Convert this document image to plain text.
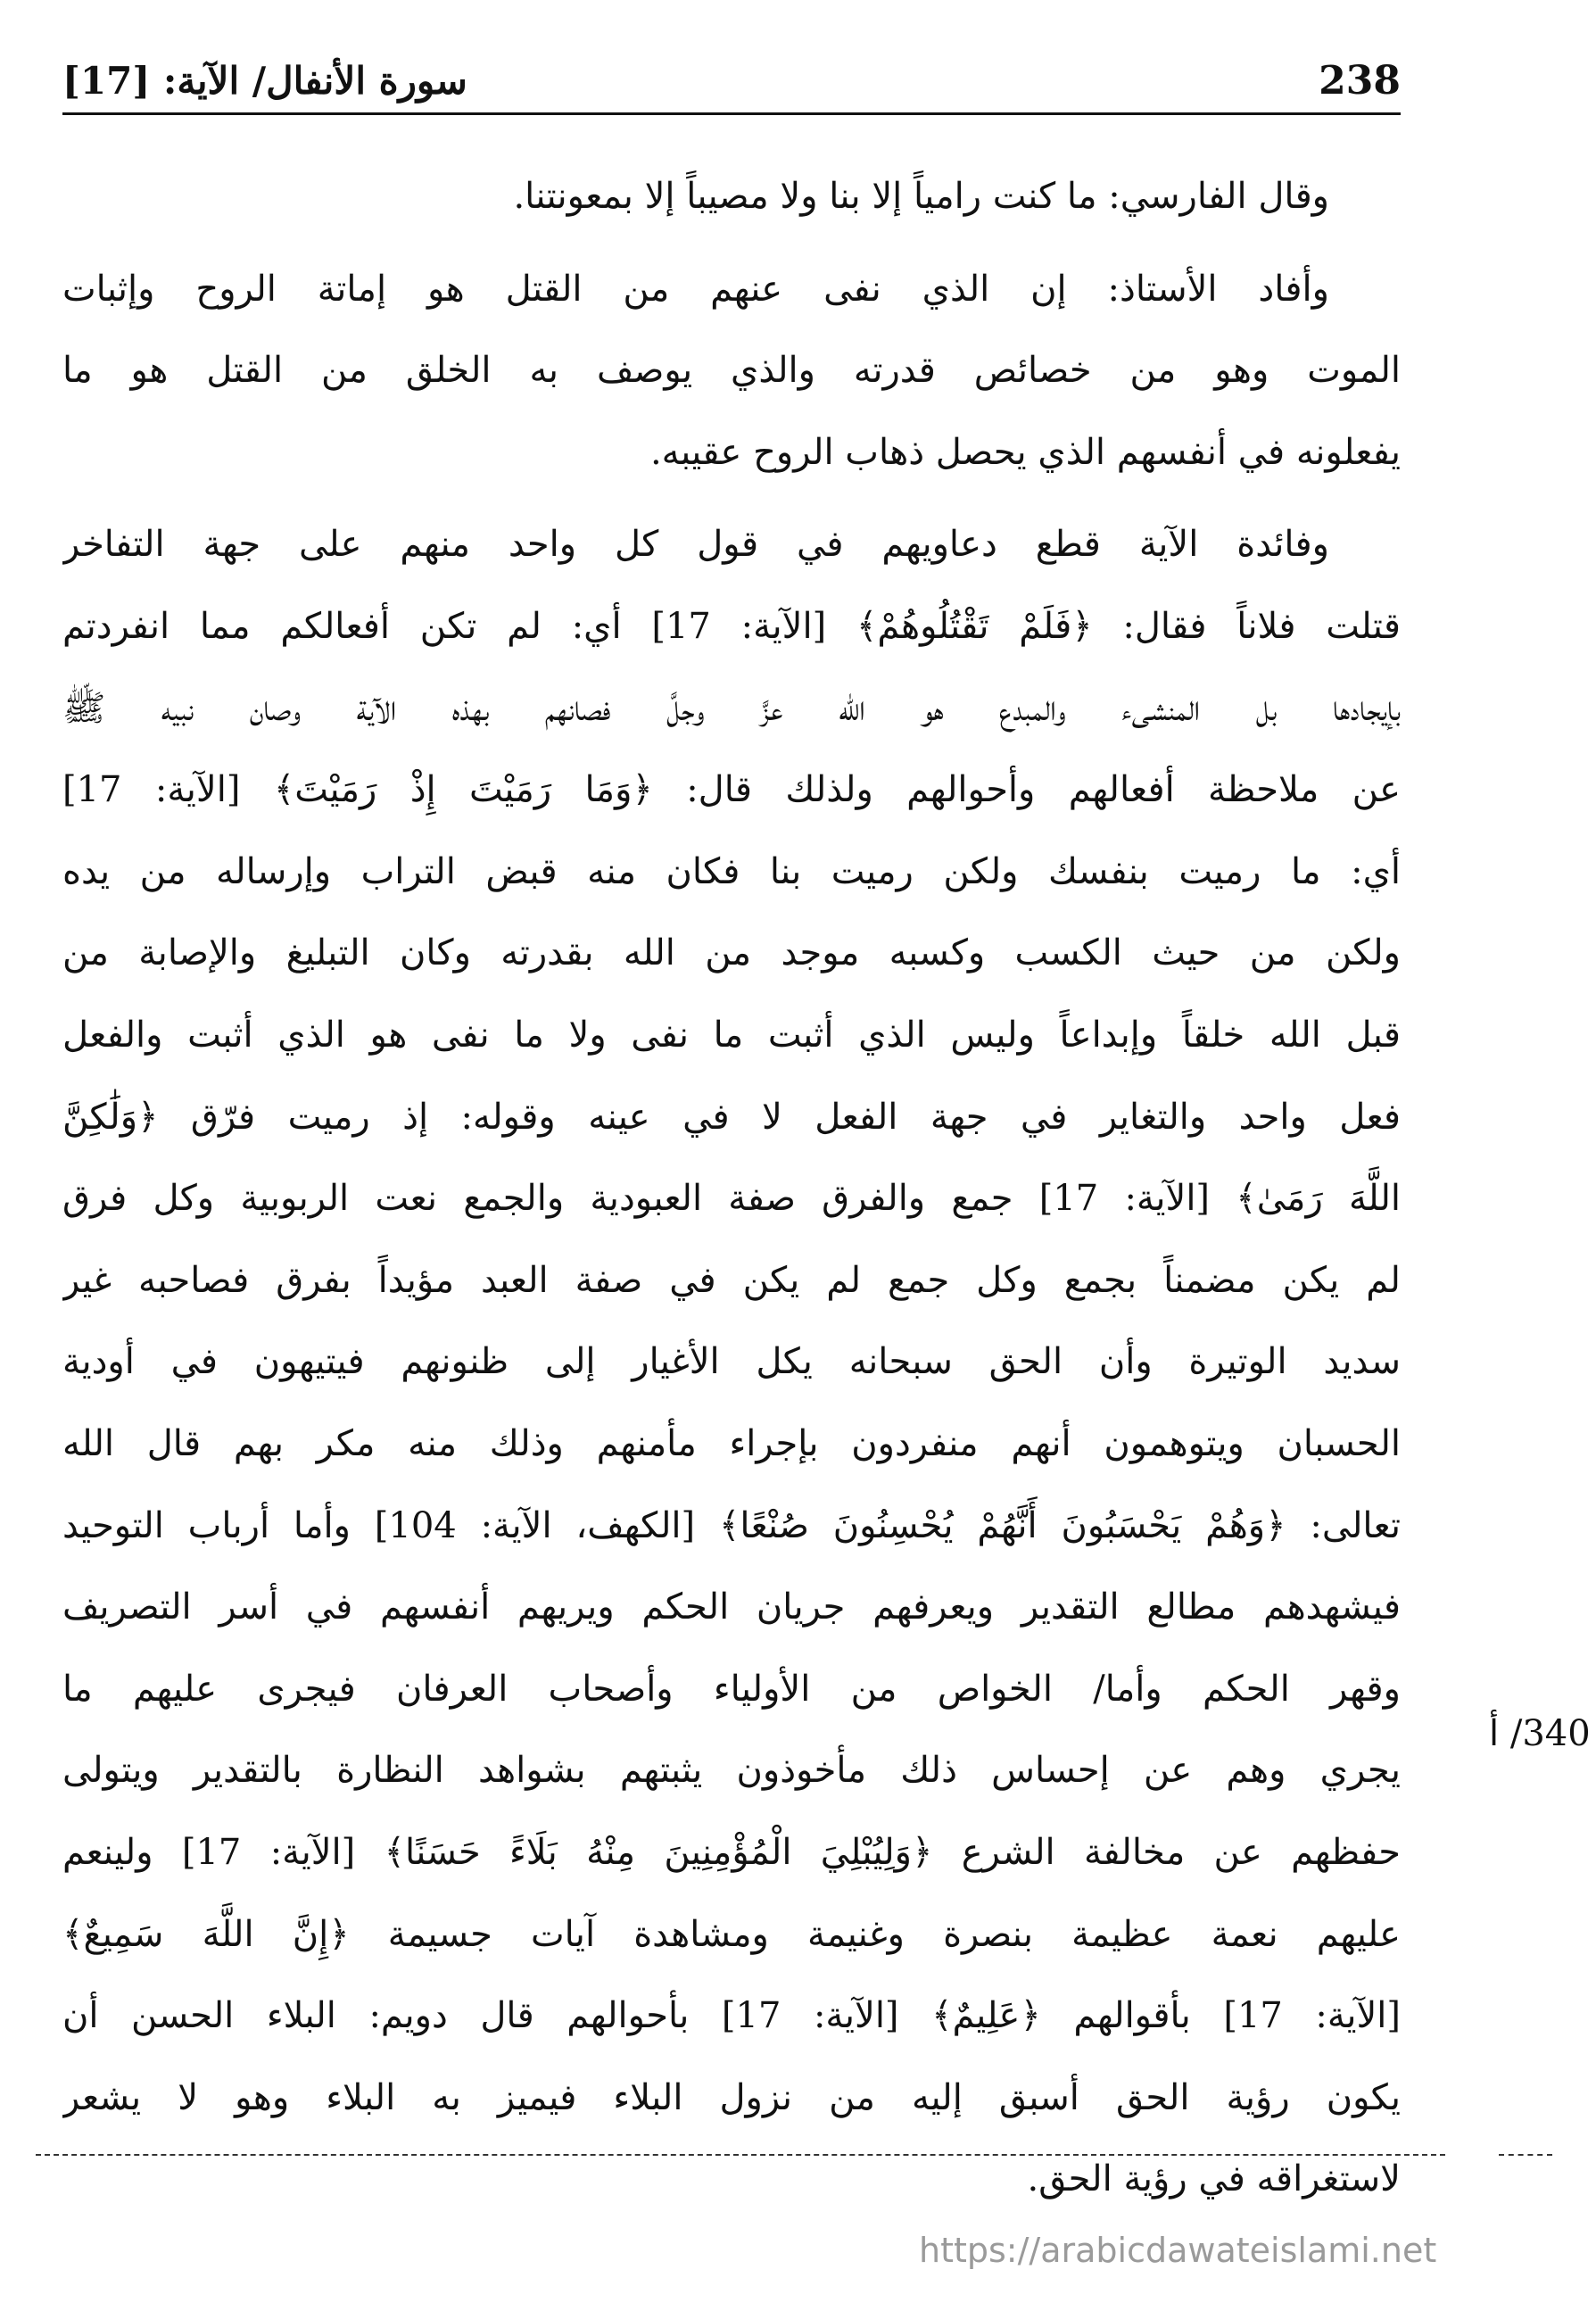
238
سورة الأنفال/ الآية: [17]
وقال الفارسي: ما كنت رامياً إلا بنا ولا مصيباً إلا بمعونتنا.
وأفاد الأستاذ: إن الذي نفى عنهم من القتل هو إماتة الروح وإثبات
الموت وهو من خصائص قدرته والذي يوصف به الخلق من القتل هو ما
يفعلونه في أنفسهم الذي يحصل ذهاب الروح عقيبه.
وفائدة الآية قطع دعاويهم في قول كل واحد منهم على جهة التفاخر
قتلت فلاناً فقال: ﴿فَلَمْ تَقْتُلُوهُمْ﴾ [الآية: 17] أي: لم تكن أفعالكم مما انفردتم
بإيجادها بل المنشىء والمبدع هو الله عزَّ وجلَّ فصانهم بهذه الآية وصان نبيه ﷺ
عن ملاحظة أفعالهم وأحوالهم ولذلك قال: ﴿وَمَا رَمَيْتَ إِذْ رَمَيْتَ﴾ [الآية: 17]
أي: ما رميت بنفسك ولكن رميت بنا فكان منه قبض التراب وإرساله من يده
ولكن من حيث الكسب وكسبه موجد من الله بقدرته وكان التبليغ والإصابة من
قبل الله خلقاً وإبداعاً وليس الذي أثبت ما نفى ولا ما نفى هو الذي أثبت والفعل
فعل واحد والتغاير في جهة الفعل لا في عينه وقوله: إذ رميت فرّق ﴿وَلَٰكِنَّ
اللَّهَ رَمَىٰ﴾ [الآية: 17] جمع والفرق صفة العبودية والجمع نعت الربوبية وكل فرق
لم يكن مضمناً بجمع وكل جمع لم يكن في صفة العبد مؤيداً بفرق فصاحبه غير
سديد الوتيرة وأن الحق سبحانه يكل الأغيار إلى ظنونهم فيتيهون في أودية
الحسبان ويتوهمون أنهم منفردون بإجراء مأمنهم وذلك منه مكر بهم قال الله
تعالى: ﴿وَهُمْ يَحْسَبُونَ أَنَّهُمْ يُحْسِنُونَ صُنْعًا﴾ [الكهف، الآية: 104] وأما أرباب التوحيد
فيشهدهم مطالع التقدير ويعرفهم جريان الحكم ويريهم أنفسهم في أسر التصريف
وقهر الحكم وأما/ الخواص من الأولياء وأصحاب العرفان فيجرى عليهم ما
يجري وهم عن إحساس ذلك مأخوذون يثبتهم بشواهد النظارة بالتقدير ويتولى
حفظهم عن مخالفة الشرع ﴿وَلِيُبْلِيَ الْمُؤْمِنِينَ مِنْهُ بَلَاءً حَسَنًا﴾ [الآية: 17] ولينعم
عليهم نعمة عظيمة بنصرة وغنيمة ومشاهدة آيات جسيمة ﴿إِنَّ اللَّهَ سَمِيعٌ﴾
[الآية: 17] بأقوالهم ﴿عَلِيمٌ﴾ [الآية: 17] بأحوالهم قال دويم: البلاء الحسن أن
يكون رؤية الحق أسبق إليه من نزول البلاء فيميز به البلاء وهو لا يشعر
لاستغراقه في رؤية الحق.
340/ أ
https://arabicdawateislami.net
